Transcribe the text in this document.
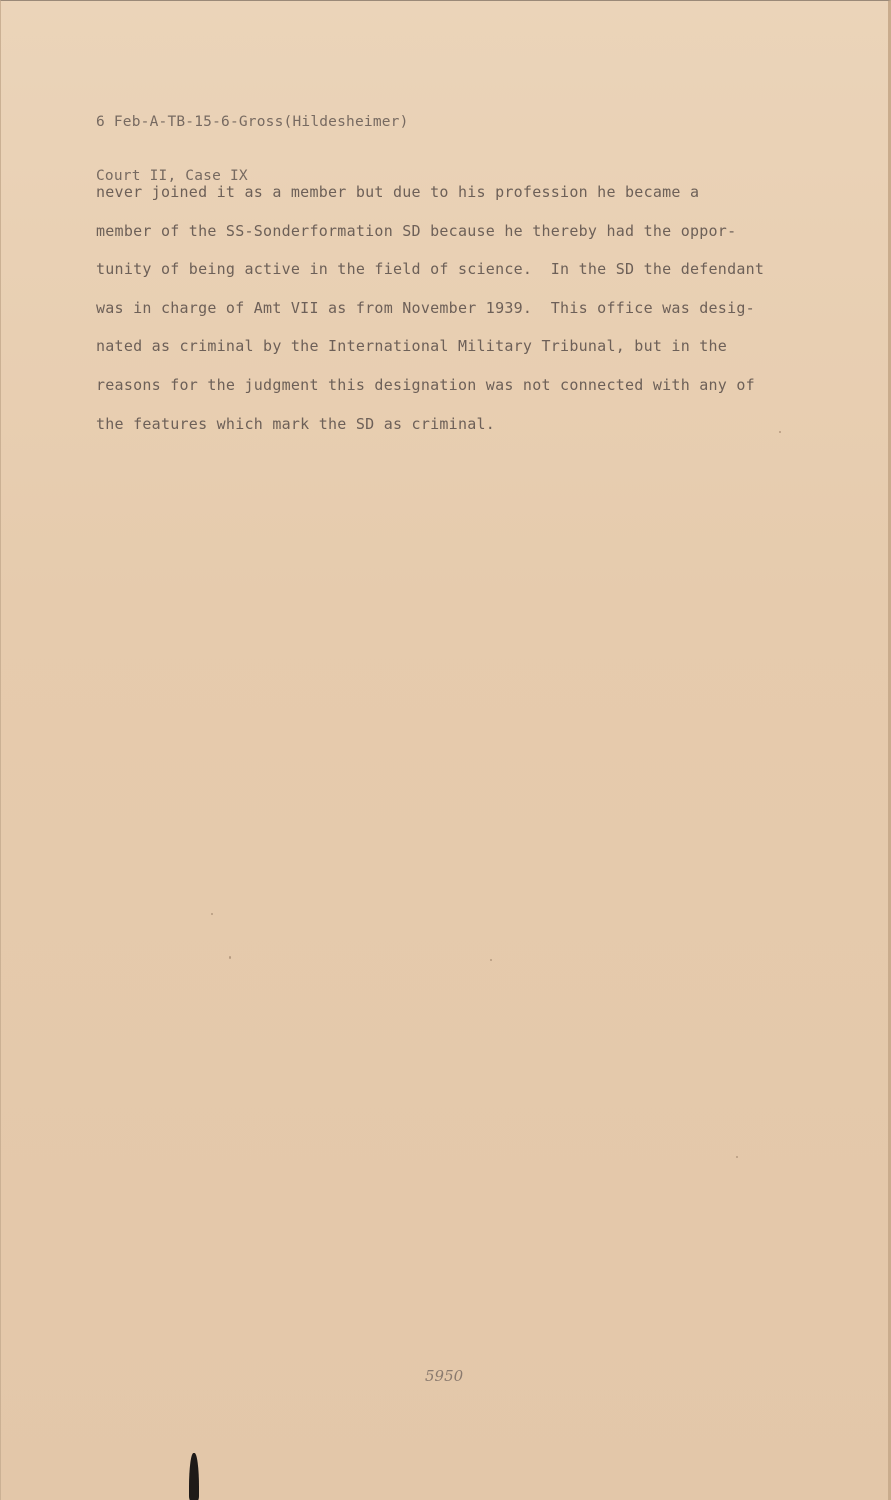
6 Feb-A-TB-15-6-Gross(Hildesheimer)

Court II, Case IX

never joined it as a member but due to his profession he became a
member of the SS-Sonderformation SD because he thereby had the oppor-
tunity of being active in the field of science.  In the SD the defendant
was in charge of Amt VII as from November 1939.  This office was desig-
nated as criminal by the International Military Tribunal, but in the
reasons for the judgment this designation was not connected with any of
the features which mark the SD as criminal.
5950
